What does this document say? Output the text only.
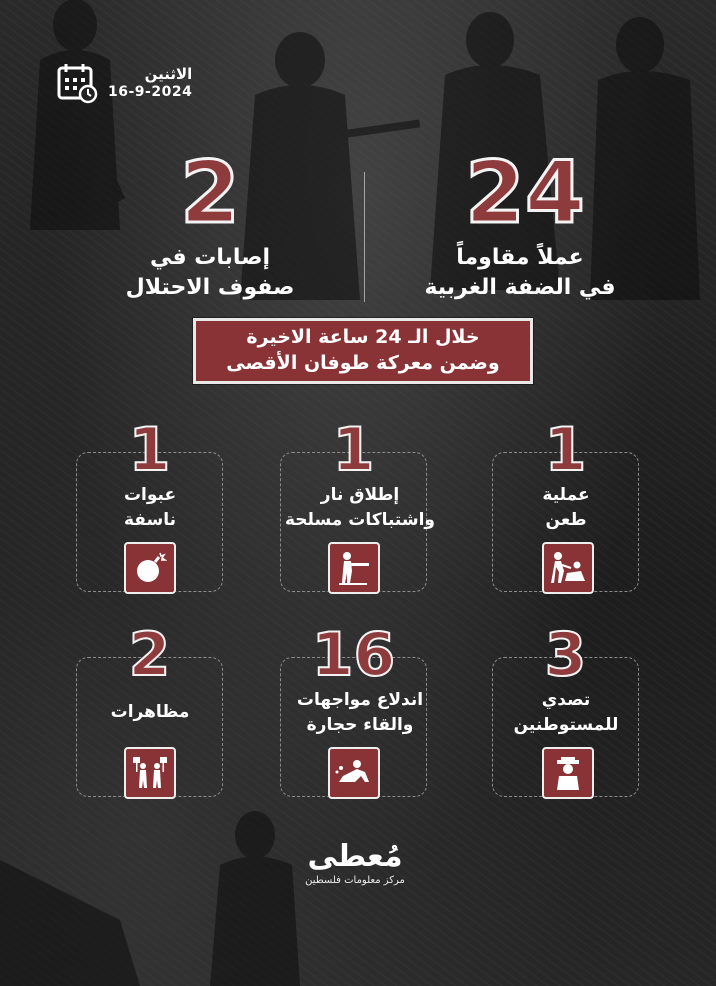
الاثنين
16-9-2024
24
عملاً مقاوماً
في الضفة الغربية
2
إصابات في
صفوف الاحتلال
خلال الـ 24 ساعة الاخيرة
وضمن معركة طوفان الأقصى
1
عملية
طعن
1
إطلاق نار
واشتباكات مسلحة
1
عبوات
ناسفة
3
تصدي
للمستوطنين
16
اندلاع مواجهات
والقاء حجارة
2
مظاهرات
مُعطى
مركز معلومات فلسطين
